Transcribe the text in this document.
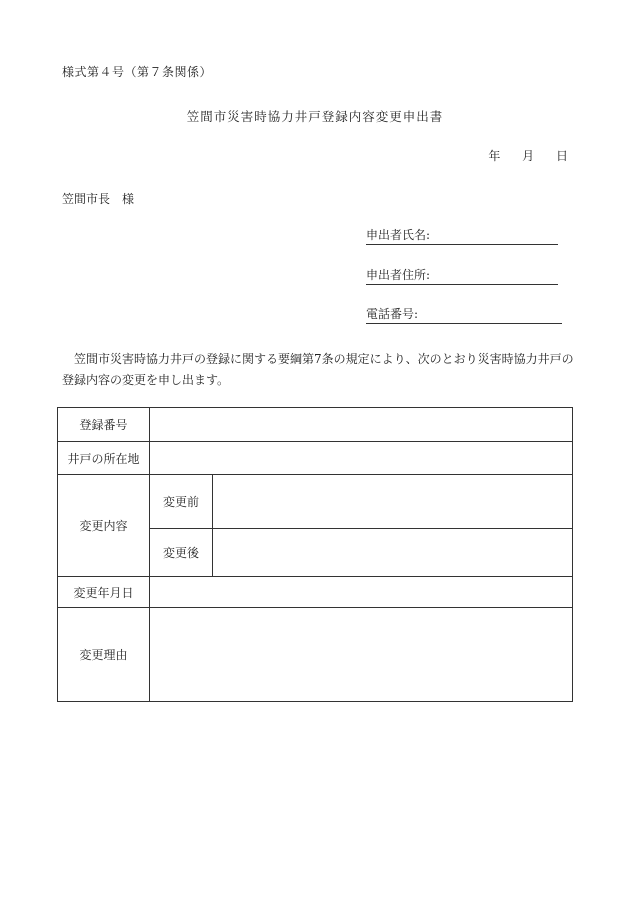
様式第４号（第７条関係）
笠間市災害時協力井戸登録内容変更申出書
年 月 日
笠間市長　様
申出者氏名:
申出者住所:
電話番号:

笠間市災害時協力井戸の登録に関する要綱第7条の規定により、次のとおり災害時協力井戸の

登録内容の変更を申し出ます。

登録番号		
井戸の所在地		
変更内容	変更前	
	変更後	
変更年月日		
変更理由		
